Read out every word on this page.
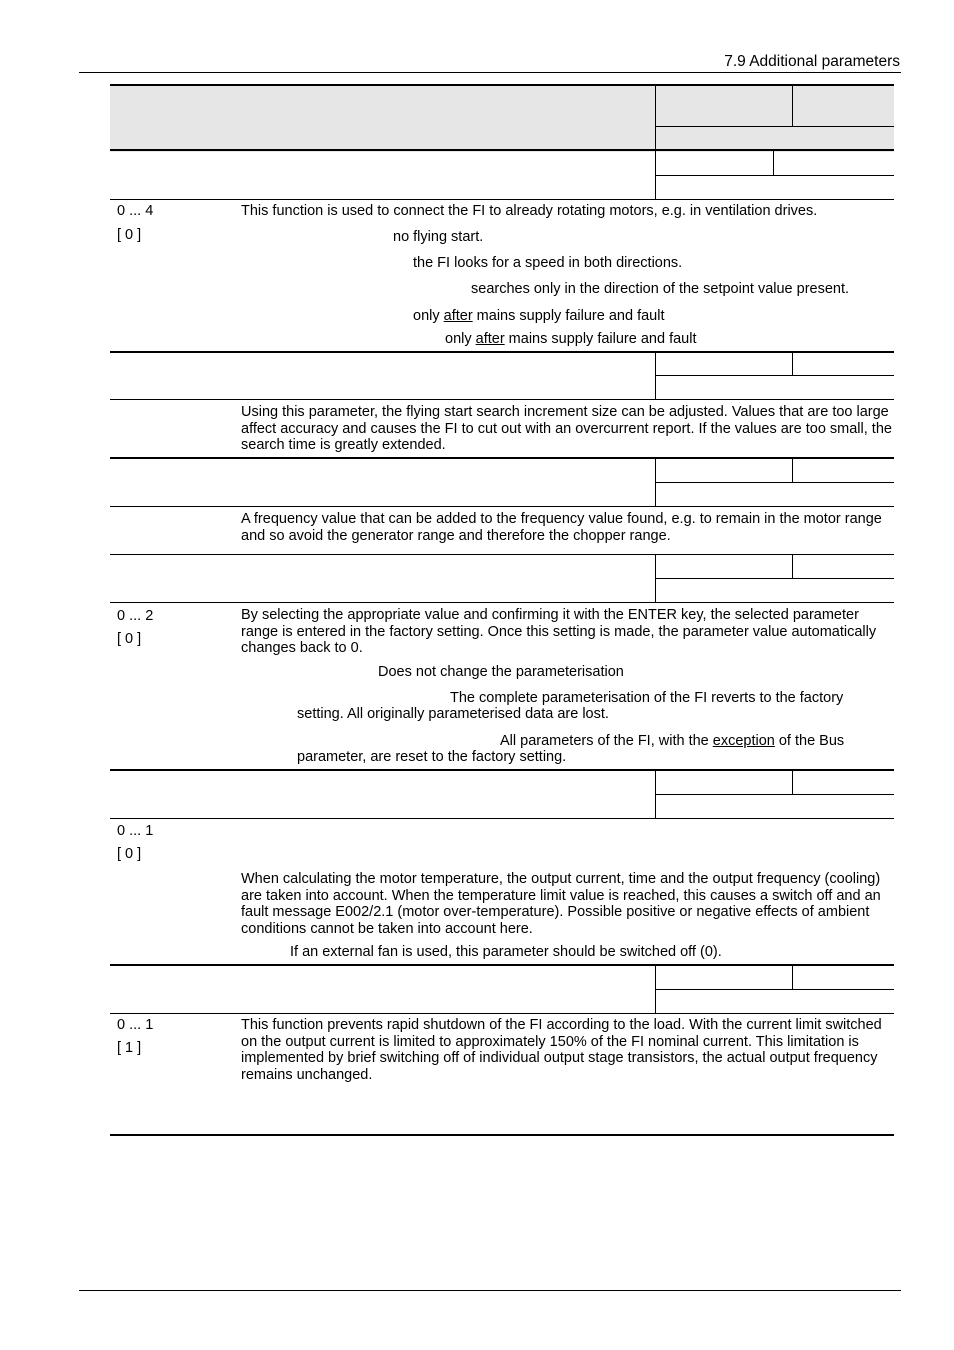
7.9 Additional parameters
0 ... 4
[ 0 ]
This function is used to connect the FI to already rotating motors, e.g. in ventilation drives.
no flying start.
the FI looks for a speed in both directions.
searches only in the direction of the setpoint value present.
only after mains supply failure and fault
only after mains supply failure and fault
Using this parameter, the flying start search increment size can be adjusted. Values that are too large affect accuracy and causes the FI to cut out with an overcurrent report. If the values are too small, the search time is greatly extended.
A frequency value that can be added to the frequency value found, e.g. to remain in the motor range and so avoid the generator range and therefore the chopper range.
0 ... 2
[ 0 ]
By selecting the appropriate value and confirming it with the ENTER key, the selected parameter range is entered in the factory setting. Once this setting is made, the parameter value automatically changes back to 0.
Does not change the parameterisation
The complete parameterisation of the FI reverts to the factory
setting. All originally parameterised data are lost.
All parameters of the FI, with the exception of the Bus
parameter, are reset to the factory setting.
0 ... 1
[ 0 ]
When calculating the motor temperature, the output current, time and the output frequency (cooling) are taken into account. When the temperature limit value is reached, this causes a switch off and an fault message E002/2.1 (motor over-temperature). Possible positive or negative effects of ambient conditions cannot be taken into account here.
If an external fan is used, this parameter should be switched off (0).
0 ... 1
[ 1 ]
This function prevents rapid shutdown of the FI according to the load. With the current limit switched on the output current is limited to approximately 150% of the FI nominal current. This limitation is implemented by brief switching off of individual output stage transistors, the actual output frequency remains unchanged.
